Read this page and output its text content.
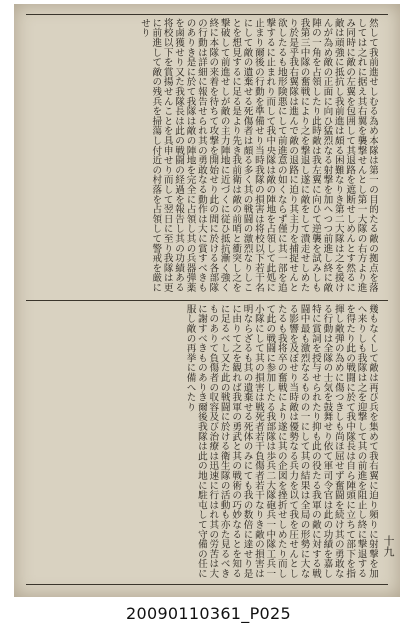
然して我前進せしむる為め本隊は第一の目的たる敵の拠点を落しては之れに据え其右翼を襲撃せんとし第一大隊の右方より進み同時に敵の左翼を包囲して其退路を遮断せしめんとす然るに敵は頑強に抵抗し我前進は頗る困難なりき第二大隊は之を援けんが為め敵の正面に向ひ猛烈なる射撃を加へつつ前進し終に敵陣の一角を占領したり此時敵は我左翼に向ひて逆襲を試みしも我第三中隊の奮戦により之を撃退し遂に敵をして潰走せしめたり於是乎我右翼隊は進んで敵の退路に迫り其主力を捕捉せんと欲したるも地形険悪にして前進意の如くならず僅に其一部を追撃するに止まれり而して我中央隊は敵の陣地を占領して此処に止まり爾後の行動を準備せり当時我隊の損害は将校以下若干名にして敵の遺棄せる死傷者は頗る多く其の戦闘の激烈なりしことを想見するに足る是より先き我前衛は敵の前哨と衝突し之を撃破して前進せしが敵の主力陣地に近づくに従ひ抵抗漸く強く終に本隊の来着を待ちて攻撃を開始せり此の間に於ける各部隊の行動は詳細に報告せられ其の勇敢なる動作は大に賞すべきものありき是に於て我隊は敵の陣地を完全に占領し其の兵器弾薬を鹵獲せり又た我隊長は此の戦闘の経過を報告し其の功績ある将校以下を賞揚せんことを具申せり而して翌日に至り我隊は更に前進して敵の残兵を掃蕩し付近の村落を占領して警戒を厳にせり
幾もなくして敵は再び兵を集めて我右翼に迫り頻りに射撃を加へ来りしも我隊は之を迎撃して其の前進を阻止し終に撃退するを得たり此の戦闘に於て我中隊長は自ら陣頭に立ちて部下を指揮し敵弾の為めに傷つきしも尚ほ屈せず奮闘を続け其の勇敢なる行動は全隊の士気を鼓舞せり依て軍司令官は此の功績を嘉し特に賞詞を授与せられたり抑も此の役たる我軍の敵に対する戦闘中最も激烈なるものの一にして其の結果は全局の形勢に大なる影響を及ぼせり当時敵は優勢なる兵力を以て我を圧せんとしたるも我将卒の奮戦により遂に其の企図を挫折せしめたり而して此の戦闘に参加したる我部隊は歩兵二大隊砲兵一中隊工兵一小隊にして其の損害は戦死者若干負傷者若干なりき敵の損害は明ならざるも其の遺棄せる死体のみにても我の数倍に達せり是に由りて之を観れば我軍の勇武と其の戦術の巧妙なるとを知るに足るべし又た此の戦闘に於ける衛生隊の活動も亦た見るべきものありて負傷者の収容及び治療は迅速に行はれ其の労苦は大に謝すべきものありき爾後我隊は此の地に駐屯して守備の任に服し敵の再挙に備へたり
十九
20090110361_P025
